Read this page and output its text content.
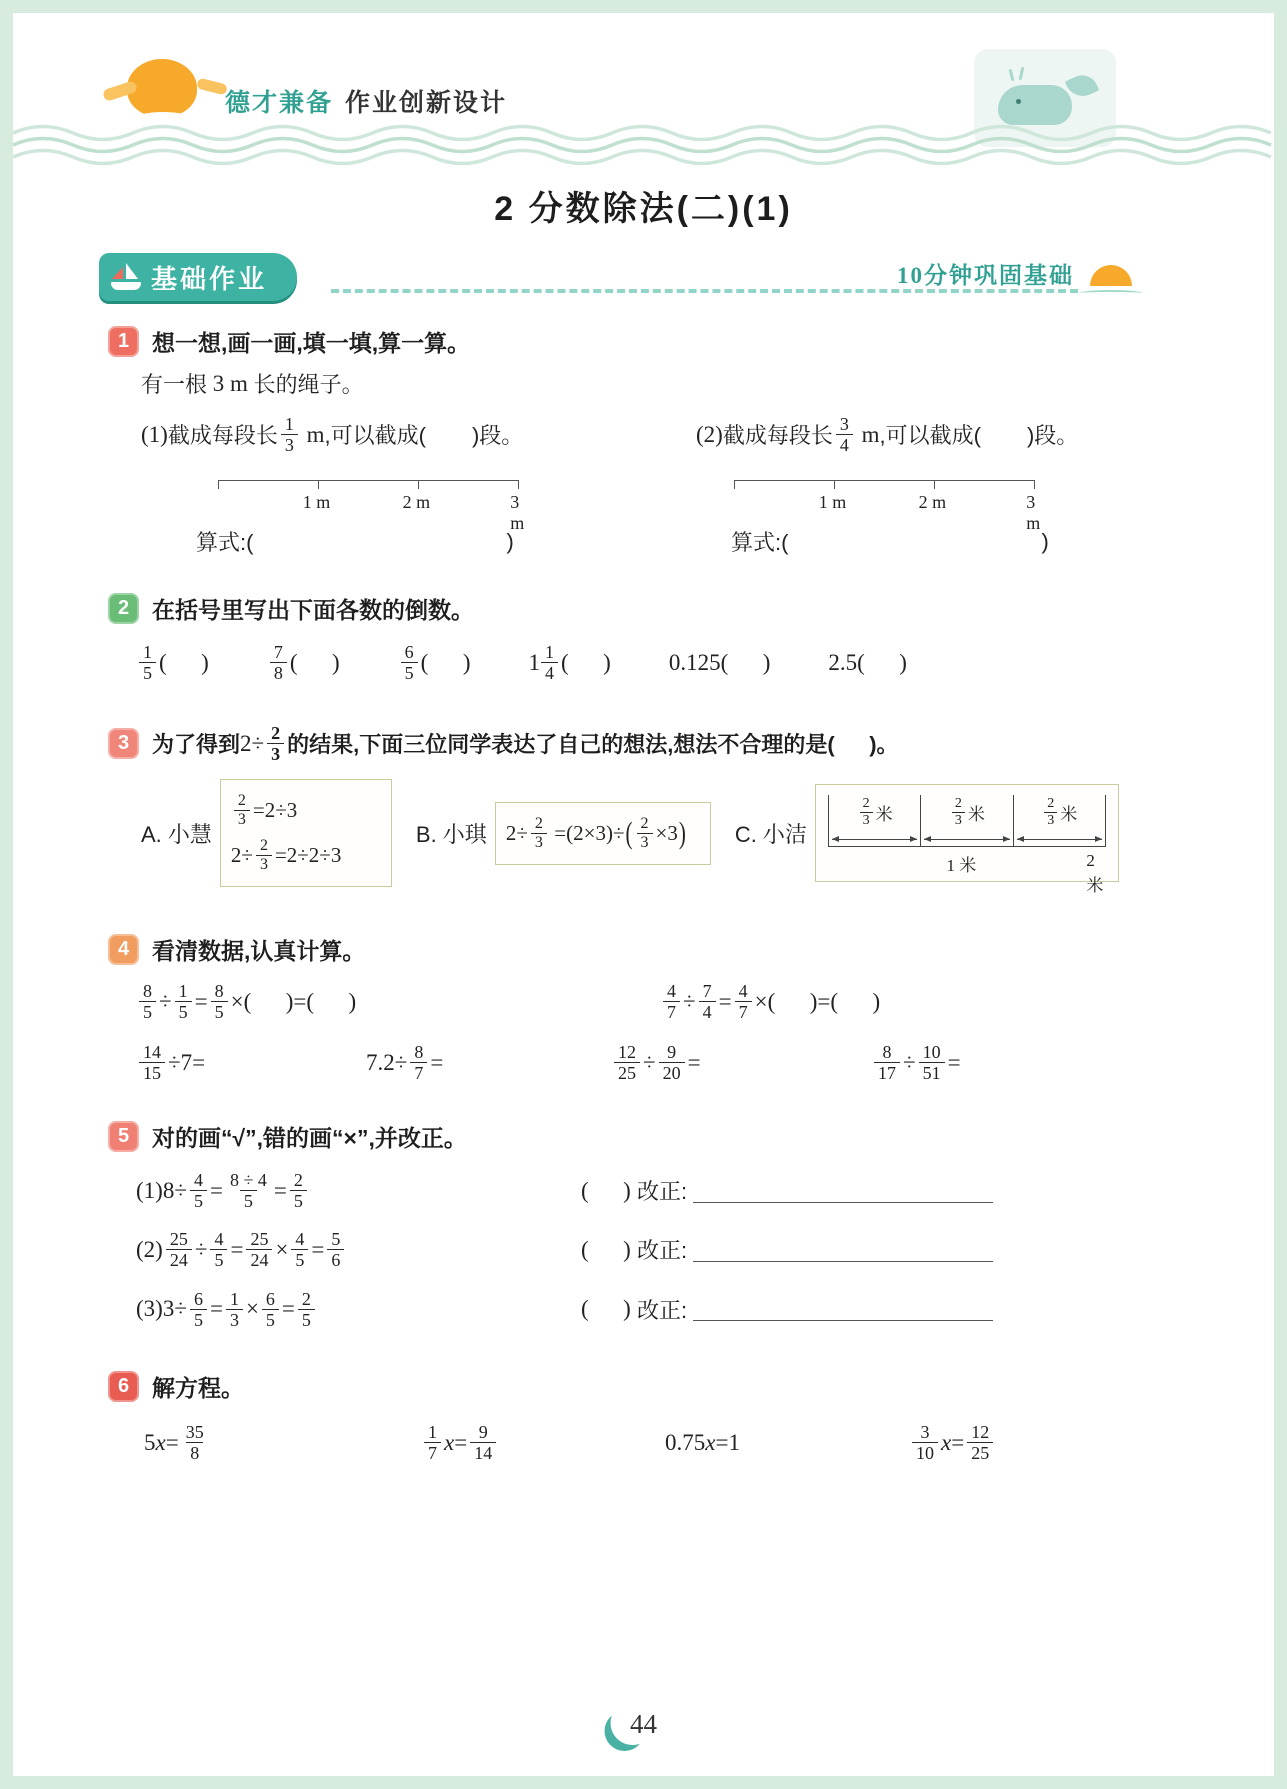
德才兼备 作业创新设计
2 分数除法(二)(1)
基础作业	10分钟巩固基础
1 想一想,画一画,填一填,算一算。
有一根 3 m 长的绳子。
(1) 截成每段长 $\frac{1}{3}$ m ,可以截成(
)段。	(2) 截成每段长 $\frac{3}{4}$ m ,可以截成(
)段。
1 m	2 m	3 m
1 m	2 m	3 m
算式:(
	)	算式:(
	)
2 在括号里写出下面各数的倒数。
$\frac{1}{5}$ (      )	$\frac{7}{8}$ (      )	$\frac{6}{5}$ (      )	$1 \frac{1}{4}$ (      )	0.125(      )	2.5(      )
3	为了得到 $2\div \frac{2}{3}$ 的结果,下面三位同学表达了自己的想法,想法不合理的是(
)。
A. 小慧
$\frac{2}{3} =2\div 3$

$2\div \frac{2}{3} =2\div 2\div 3$
B. 小琪 $2\div \frac{2}{3}$
=(2×3)÷ ( $\frac{2}{3} \times 3$ ) C. 小洁
$\frac{2}{3}$ 米	$\frac{2}{3}$ 米	$\frac{2}{3}$ 米
1 米	2 米
4 看清数据,认真计算。
$\frac{8}{5} \div \frac{1}{5} = \frac{8}{5}$ ×(      )=(      )	$\frac{4}{7} \div \frac{7}{4} = \frac{4}{7}$ ×(      )=(      )
$\frac{14}{15} \div 7=$	$7.2\div \frac{8}{7}$ =	$\frac{12}{25} \div \frac{9}{20}$ =	$\frac{8}{17} \div \frac{10}{51}$ =
5 对的画“√”,错的画“×”,并改正。
$(1)8\div \frac{4}{5} = \frac{8 \div 4}{5} = \frac{2}{5}$	(      ) 改正:
$(2) \frac{25}{24} \div \frac{4}{5} = \frac{25}{24} \times \frac{4}{5} = \frac{5}{6}$	(      ) 改正:
$(3)3\div \frac{6}{5} = \frac{1}{3} \times \frac{6}{5} = \frac{2}{5}$	(      ) 改正:
6 解方程。
5 $x = \frac{35}{8}$	$\frac{1}{7}$ $x = \frac{9}{14}$	0.75 x =1	$\frac{3}{10}$ $x = \frac{12}{25}$
44
